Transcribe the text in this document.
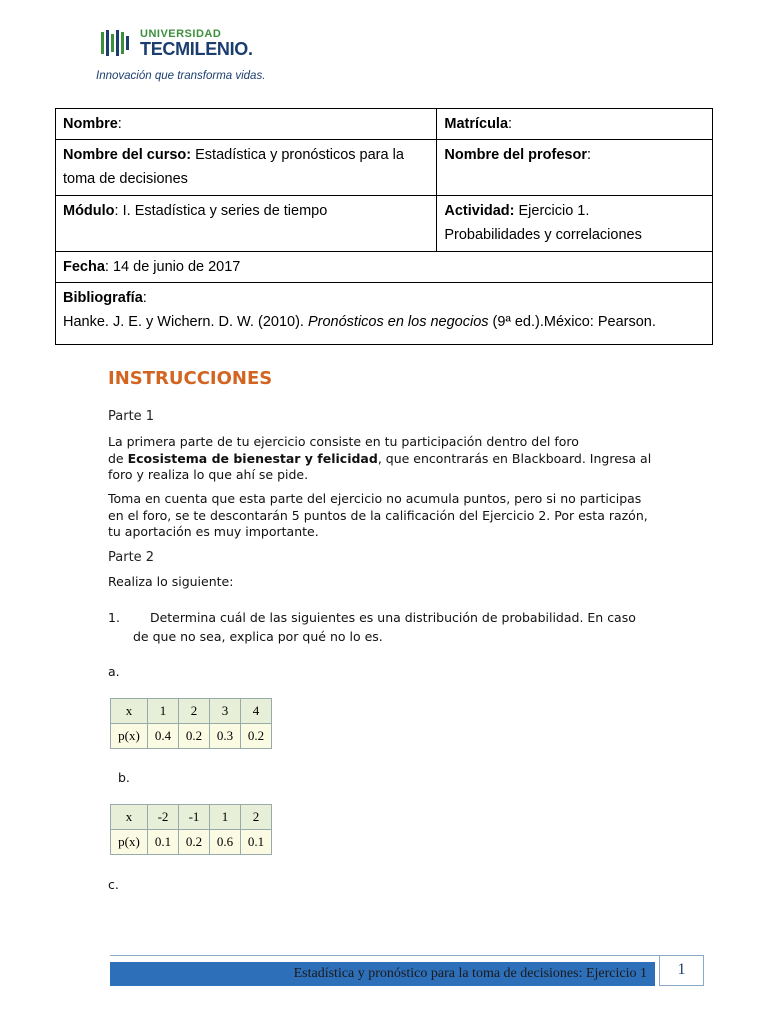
UNIVERSIDAD
TECMILENIO.
Innovación que transforma vidas.
Nombre:	Matrícula:
Nombre del curso: Estadística y pronósticos para la toma de decisiones	Nombre del profesor:
Módulo: I. Estadística y series de tiempo	Actividad: Ejercicio 1.
Probabilidades y correlaciones
Fecha: 14 de junio de 2017	
Bibliografía:
Hanke. J. E. y Wichern. D. W. (2010). Pronósticos en los negocios (9ª ed.).México: Pearson.	
INSTRUCCIONES
Parte 1
La primera parte de tu ejercicio consiste en tu participación dentro del foro
de Ecosistema de bienestar y felicidad, que encontrarás en Blackboard. Ingresa al
foro y realiza lo que ahí se pide.
Toma en cuenta que esta parte del ejercicio no acumula puntos, pero si no participas
en el foro, se te descontarán 5 puntos de la calificación del Ejercicio 2. Por esta razón,
tu aportación es muy importante.
Parte 2
Realiza lo siguiente:
1. Determina cuál de las siguientes es una distribución de probabilidad. En caso
de que no sea, explica por qué no lo es.
a.
b.
c.
x	1	2	3	4
p(x)	0.4	0.2	0.3	0.2
x	-2	-1	1	2
p(x)	0.1	0.2	0.6	0.1
Estadística y pronóstico para la toma de decisiones: Ejercicio 1	1
